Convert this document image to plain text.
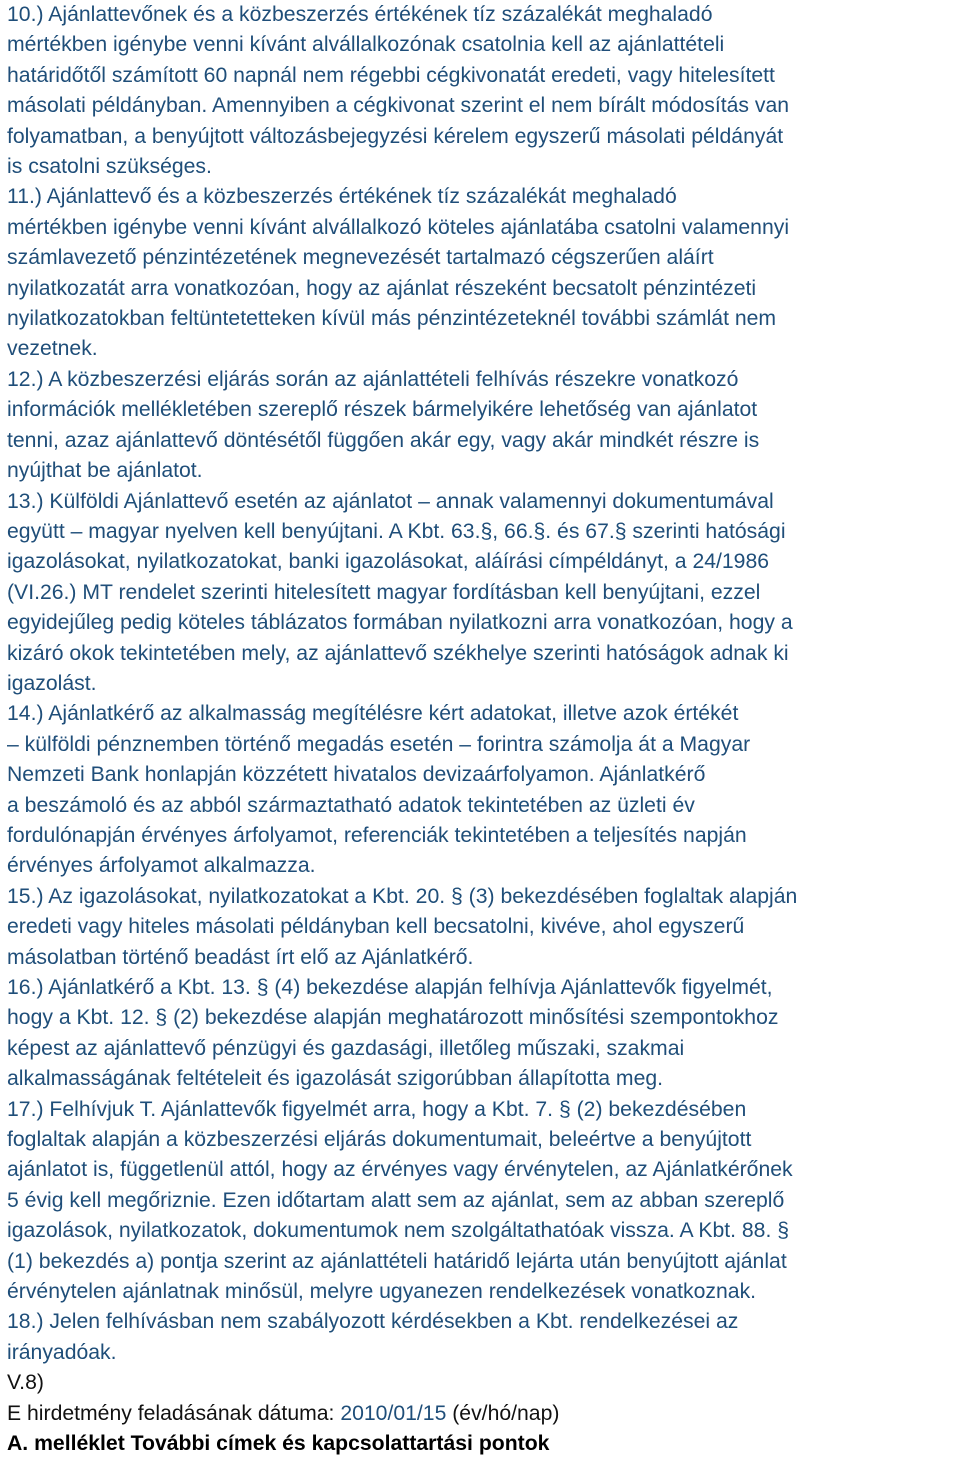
10.) Ajánlattevőnek és a közbeszerzés értékének tíz százalékát meghaladó
mértékben igénybe venni kívánt alvállalkozónak csatolnia kell az ajánlattételi
határidőtől számított 60 napnál nem régebbi cégkivonatát eredeti, vagy hitelesített
másolati példányban. Amennyiben a cégkivonat szerint el nem bírált módosítás van
folyamatban, a benyújtott változásbejegyzési kérelem egyszerű másolati példányát
is csatolni szükséges.
11.) Ajánlattevő és a közbeszerzés értékének tíz százalékát meghaladó
mértékben igénybe venni kívánt alvállalkozó köteles ajánlatába csatolni valamennyi
számlavezető pénzintézetének megnevezését tartalmazó cégszerűen aláírt
nyilatkozatát arra vonatkozóan, hogy az ajánlat részeként becsatolt pénzintézeti
nyilatkozatokban feltüntetetteken kívül más pénzintézeteknél további számlát nem
vezetnek.
12.) A közbeszerzési eljárás során az ajánlattételi felhívás részekre vonatkozó
információk mellékletében szereplő részek bármelyikére lehetőség van ajánlatot
tenni, azaz ajánlattevő döntésétől függően akár egy, vagy akár mindkét részre is
nyújthat be ajánlatot.
13.) Külföldi Ajánlattevő esetén az ajánlatot – annak valamennyi dokumentumával
együtt – magyar nyelven kell benyújtani. A Kbt. 63.§, 66.§. és 67.§ szerinti hatósági
igazolásokat, nyilatkozatokat, banki igazolásokat, aláírási címpéldányt, a 24/1986
(VI.26.) MT rendelet szerinti hitelesített magyar fordításban kell benyújtani, ezzel
egyidejűleg pedig köteles táblázatos formában nyilatkozni arra vonatkozóan, hogy a
kizáró okok tekintetében mely, az ajánlattevő székhelye szerinti hatóságok adnak ki
igazolást.
14.) Ajánlatkérő az alkalmasság megítélésre kért adatokat, illetve azok értékét
– külföldi pénznemben történő megadás esetén – forintra számolja át a Magyar
Nemzeti Bank honlapján közzétett hivatalos devizaárfolyamon. Ajánlatkérő
a beszámoló és az abból származtatható adatok tekintetében az üzleti év
fordulónapján érvényes árfolyamot, referenciák tekintetében a teljesítés napján
érvényes árfolyamot alkalmazza.
15.) Az igazolásokat, nyilatkozatokat a Kbt. 20. § (3) bekezdésében foglaltak alapján
eredeti vagy hiteles másolati példányban kell becsatolni, kivéve, ahol egyszerű
másolatban történő beadást írt elő az Ajánlatkérő.
16.) Ajánlatkérő a Kbt. 13. § (4) bekezdése alapján felhívja Ajánlattevők figyelmét,
hogy a Kbt. 12. § (2) bekezdése alapján meghatározott minősítési szempontokhoz
képest az ajánlattevő pénzügyi és gazdasági, illetőleg műszaki, szakmai
alkalmasságának feltételeit és igazolását szigorúbban állapította meg.
17.) Felhívjuk T. Ajánlattevők figyelmét arra, hogy a Kbt. 7. § (2) bekezdésében
foglaltak alapján a közbeszerzési eljárás dokumentumait, beleértve a benyújtott
ajánlatot is, függetlenül attól, hogy az érvényes vagy érvénytelen, az Ajánlatkérőnek
5 évig kell megőriznie. Ezen időtartam alatt sem az ajánlat, sem az abban szereplő
igazolások, nyilatkozatok, dokumentumok nem szolgáltathatóak vissza. A Kbt. 88. §
(1) bekezdés a) pontja szerint az ajánlattételi határidő lejárta után benyújtott ajánlat
érvénytelen ajánlatnak minősül, melyre ugyanezen rendelkezések vonatkoznak.
18.) Jelen felhívásban nem szabályozott kérdésekben a Kbt. rendelkezései az
irányadóak.
V.8)
E hirdetmény feladásának dátuma: 2010/01/15 (év/hó/nap)
A. melléklet További címek és kapcsolattartási pontok
